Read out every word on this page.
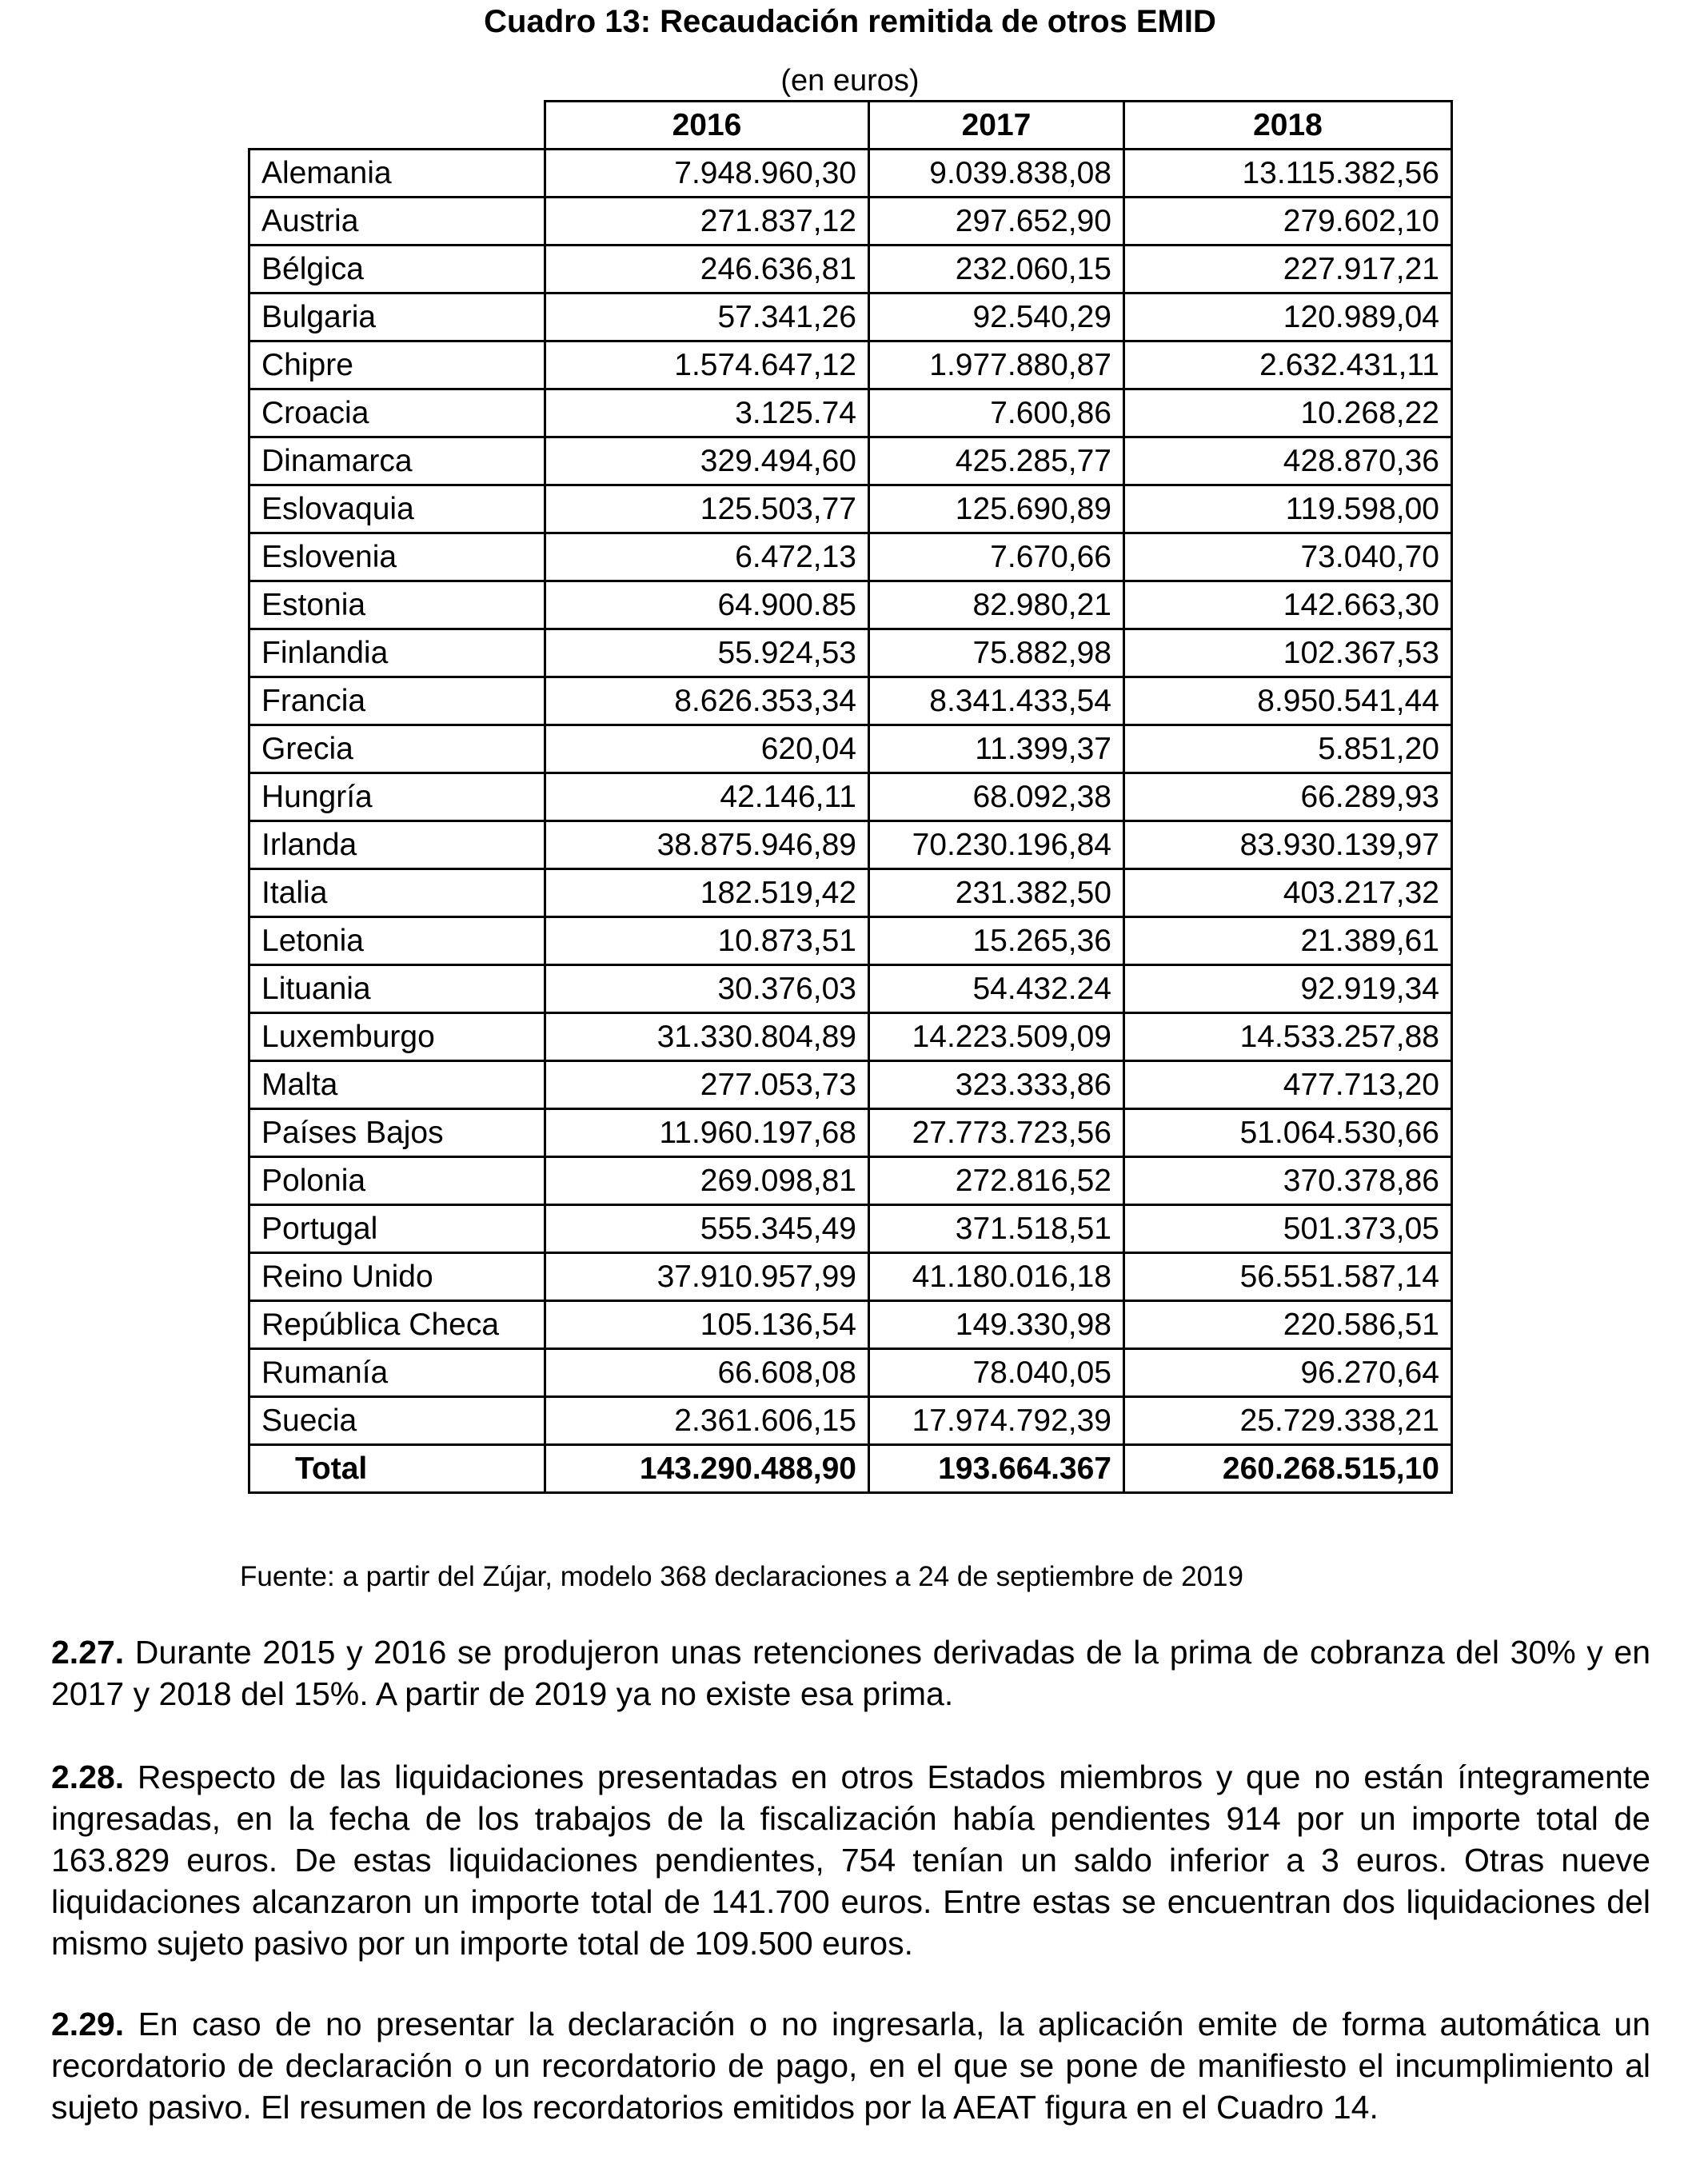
Cuadro 13: Recaudación remitida de otros EMID
(en euros)
	2016	2017	2018
Alemania	7.948.960,30	9.039.838,08	13.115.382,56
Austria	271.837,12	297.652,90	279.602,10
Bélgica	246.636,81	232.060,15	227.917,21
Bulgaria	57.341,26	92.540,29	120.989,04
Chipre	1.574.647,12	1.977.880,87	2.632.431,11
Croacia	3.125.74	7.600,86	10.268,22
Dinamarca	329.494,60	425.285,77	428.870,36
Eslovaquia	125.503,77	125.690,89	119.598,00
Eslovenia	6.472,13	7.670,66	73.040,70
Estonia	64.900.85	82.980,21	142.663,30
Finlandia	55.924,53	75.882,98	102.367,53
Francia	8.626.353,34	8.341.433,54	8.950.541,44
Grecia	620,04	11.399,37	5.851,20
Hungría	42.146,11	68.092,38	66.289,93
Irlanda	38.875.946,89	70.230.196,84	83.930.139,97
Italia	182.519,42	231.382,50	403.217,32
Letonia	10.873,51	15.265,36	21.389,61
Lituania	30.376,03	54.432.24	92.919,34
Luxemburgo	31.330.804,89	14.223.509,09	14.533.257,88
Malta	277.053,73	323.333,86	477.713,20
Países Bajos	11.960.197,68	27.773.723,56	51.064.530,66
Polonia	269.098,81	272.816,52	370.378,86
Portugal	555.345,49	371.518,51	501.373,05
Reino Unido	37.910.957,99	41.180.016,18	56.551.587,14
República Checa	105.136,54	149.330,98	220.586,51
Rumanía	66.608,08	78.040,05	96.270,64
Suecia	2.361.606,15	17.974.792,39	25.729.338,21
Total	143.290.488,90	193.664.367	260.268.515,10
Fuente: a partir del Zújar, modelo 368 declaraciones a 24 de septiembre de 2019
2.27. Durante 2015 y 2016 se produjeron unas retenciones derivadas de la prima de cobranza del 30% y en 2017 y 2018 del 15%. A partir de 2019 ya no existe esa prima.
2.28. Respecto de las liquidaciones presentadas en otros Estados miembros y que no están íntegramente ingresadas, en la fecha de los trabajos de la fiscalización había pendientes 914 por un importe total de 163.829 euros. De estas liquidaciones pendientes, 754 tenían un saldo inferior a 3 euros. Otras nueve liquidaciones alcanzaron un importe total de 141.700 euros. Entre estas se encuentran dos liquidaciones del mismo sujeto pasivo por un importe total de 109.500 euros.
2.29. En caso de no presentar la declaración o no ingresarla, la aplicación emite de forma automática un recordatorio de declaración o un recordatorio de pago, en el que se pone de manifiesto el incumplimiento al sujeto pasivo. El resumen de los recordatorios emitidos por la AEAT figura en el Cuadro 14.
